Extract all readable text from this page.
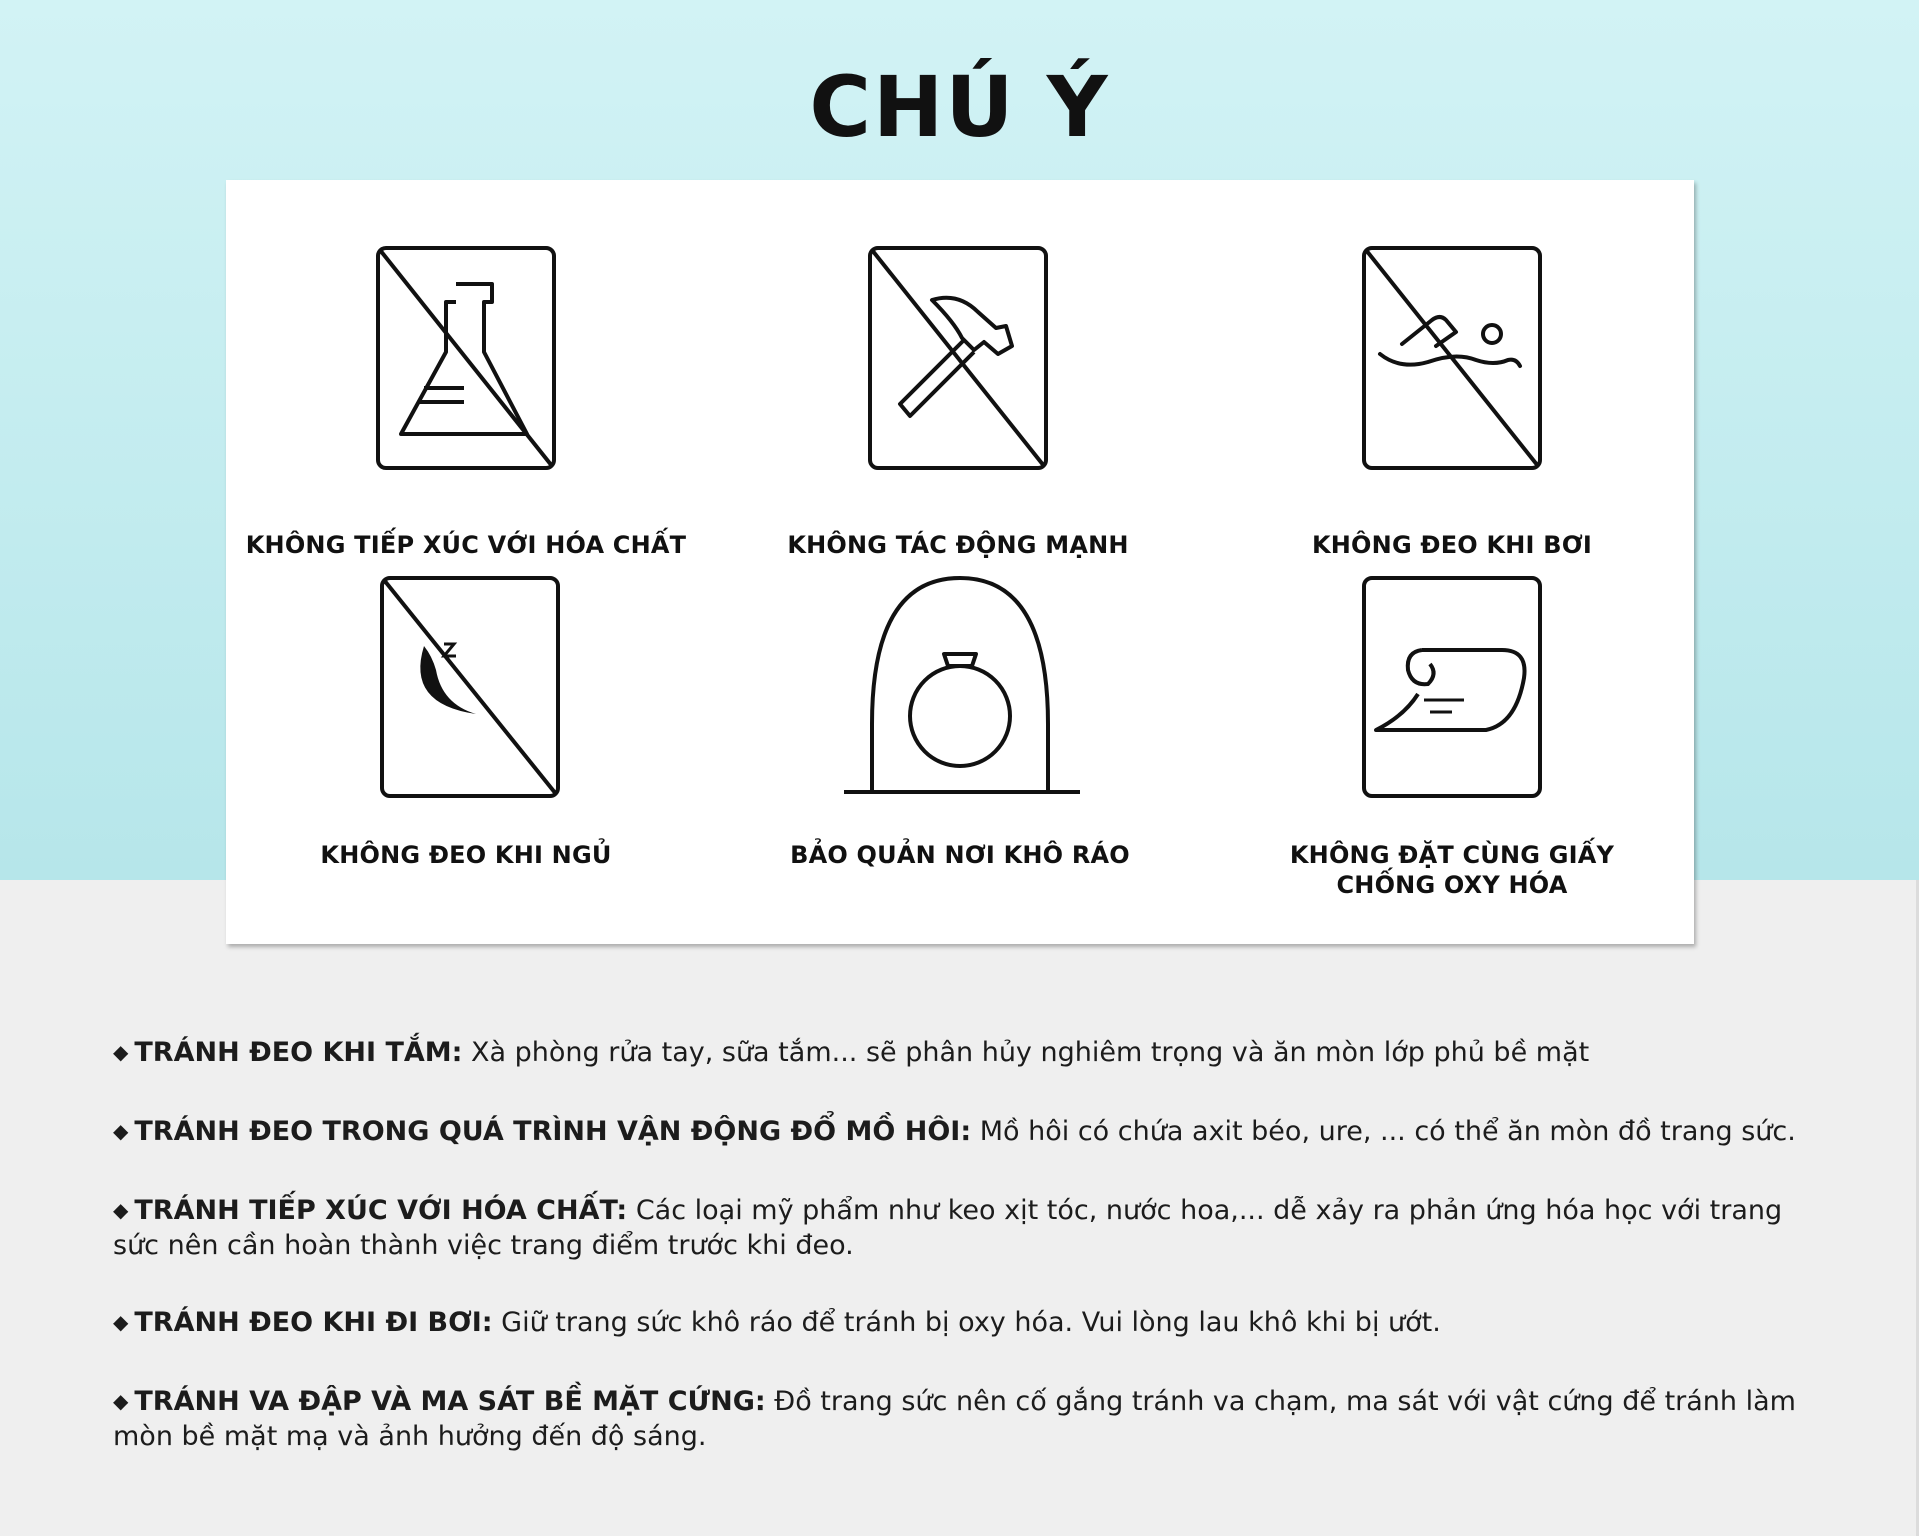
CHÚ Ý
KHÔNG TIẾP XÚC VỚI HÓA CHẤT	KHÔNG TÁC ĐỘNG MẠNH	KHÔNG ĐEO KHI BƠI
KHÔNG ĐEO KHI NGỦ	BẢO QUẢN NƠI KHÔ RÁO	KHÔNG ĐẶT CÙNG GIẤY
CHỐNG OXY HÓA
◆ TRÁNH ĐEO KHI TẮM: Xà phòng rửa tay, sữa tắm... sẽ phân hủy nghiêm trọng và ăn mòn lớp phủ bề mặt
◆ TRÁNH ĐEO TRONG QUÁ TRÌNH VẬN ĐỘNG ĐỔ MỒ HÔI: Mồ hôi có chứa axit béo, ure, ... có thể ăn mòn đồ trang sức.
◆ TRÁNH TIẾP XÚC VỚI HÓA CHẤT: Các loại mỹ phẩm như keo xịt tóc, nước hoa,... dễ xảy ra phản ứng hóa học với trang sức nên cần hoàn thành việc trang điểm trước khi đeo.
◆ TRÁNH ĐEO KHI ĐI BƠI: Giữ trang sức khô ráo để tránh bị oxy hóa. Vui lòng lau khô khi bị ướt.
◆ TRÁNH VA ĐẬP VÀ MA SÁT BỀ MẶT CỨNG: Đồ trang sức nên cố gắng tránh va chạm, ma sát với vật cứng để tránh làm mòn bề mặt mạ và ảnh hưởng đến độ sáng.
